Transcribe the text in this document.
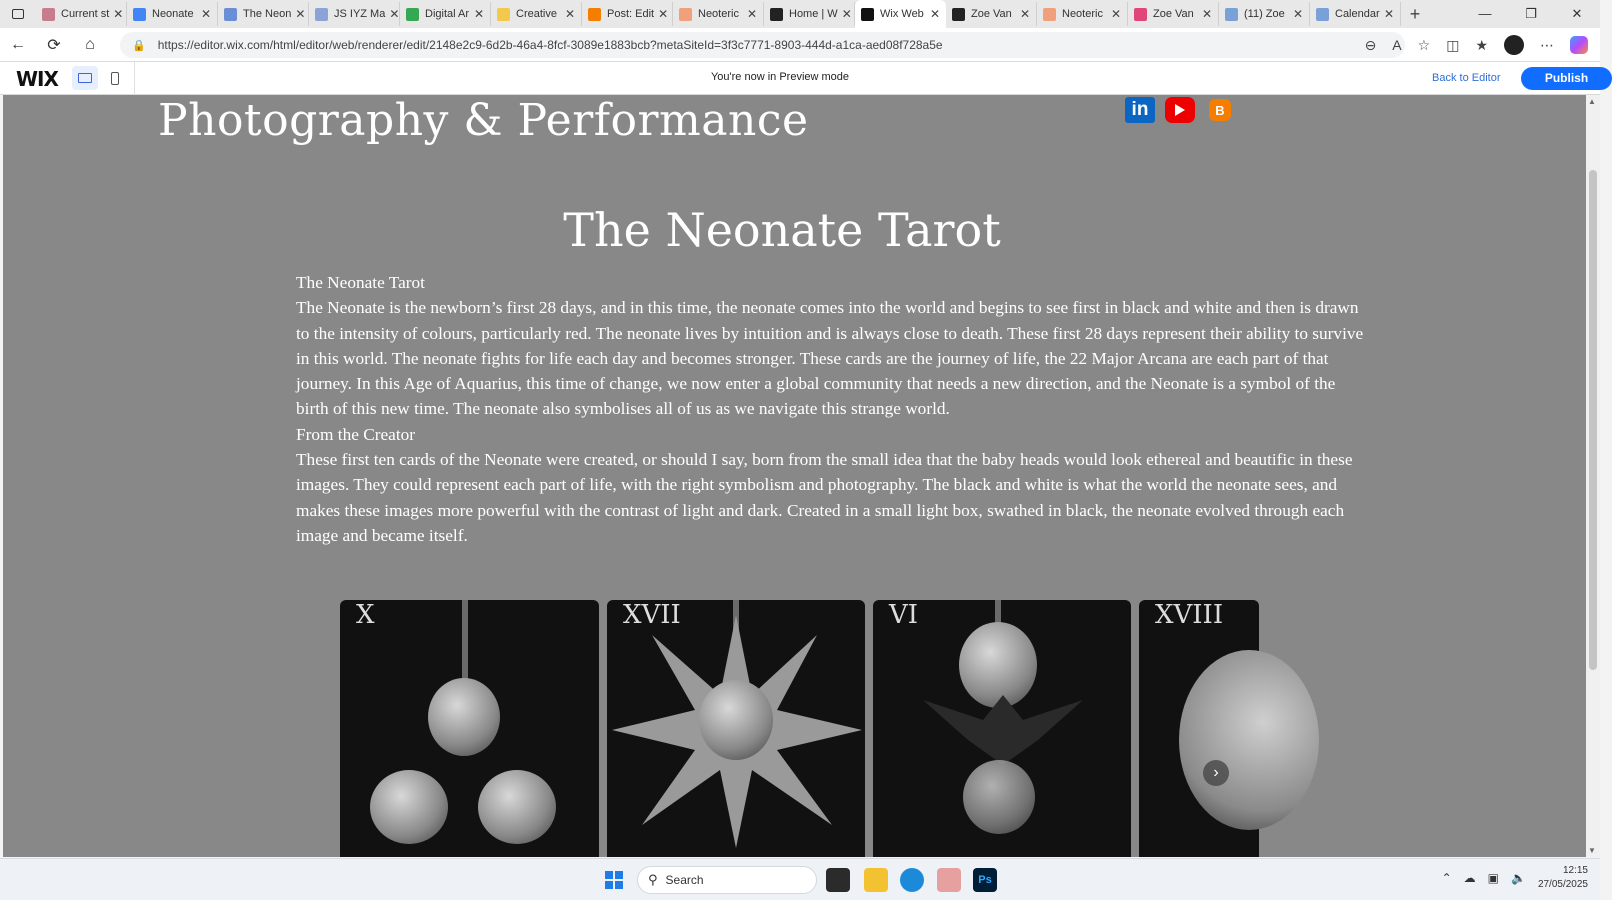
Current st ✕	Neonate ✕	The Neon ✕	JS IYZ Ma ✕ Digital Ar ✕	Creative ✕	Post: Edit ✕	Neoteric ✕	Home | W ✕	Wix Web ✕	Zoe Van ✕	Neoteric ✕	Zoe Van ✕	(11) Zoe ✕	Calendar ✕ +	—	❐	✕
←	⟳	⌂	🔒 https://editor.wix.com/html/editor/web/renderer/edit/2148e2c9-6d2b-46a4-8fcf-3089e1883bcb?metaSiteId=3f3c7771-8903-444d-a1ca-aed08f728a5e	⊖ A ☆ ◫ ★	⋯
WIX	You're now in Preview mode	Back to Editor	Publish
Photography & Performance	in	B
The Neonate Tarot

The Neonate Tarot

The Neonate is the newborn’s first 28 days, and in this time, the neonate comes into the world and begins to see first in black and white and then is drawn to the intensity of colours, particularly red. The neonate lives by intuition and is always close to death. These first 28 days represent their ability to survive in this world. The neonate fights for life each day and becomes stronger. These cards are the journey of life, the 22 Major Arcana are each part of that journey. In this Age of Aquarius, this time of change, we now enter a global community that needs a new direction, and the Neonate is a symbol of the birth of this new time. The neonate also symbolises all of us as we navigate this strange world.

From the Creator

These first ten cards of the Neonate were created, or should I say, born from the small idea that the baby heads would look ethereal and beautific in these images. They could represent each part of life, with the right symbolism and photography. The black and white is what the world the neonate sees, and makes these images more powerful with the contrast of light and dark. Created in a small light box, swathed in black, the neonate evolved through each image and became itself.

X	XVII	VI	XVIII
›
▲
▼
⚲ Search	Ps	⌃ ☁ ▣ 🔈
12:15
27/05/2025
